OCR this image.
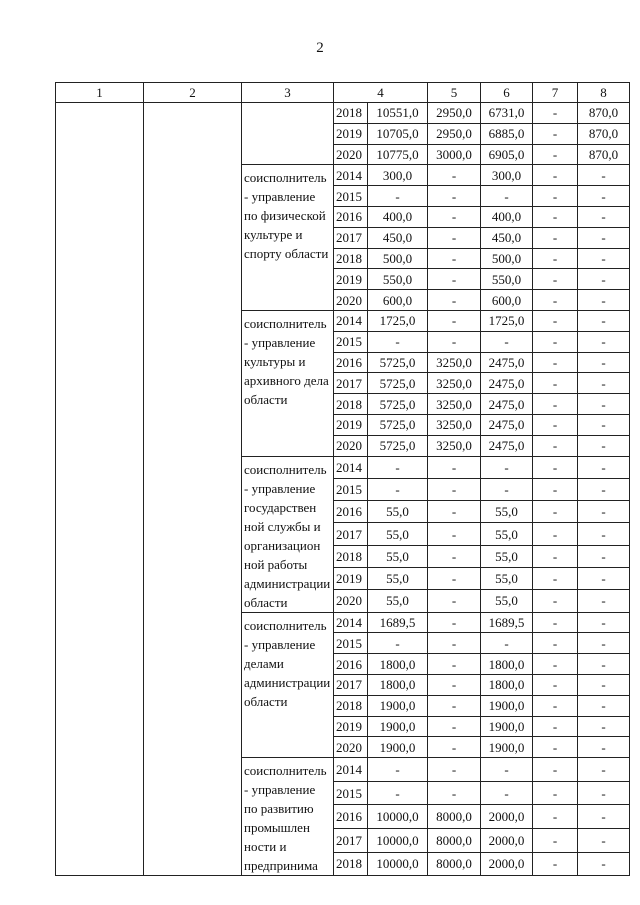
2
1	2	3	4		5	6	7	8
			2018	10551,0	2950,0	6731,0	-	870,0
			2019	10705,0	2950,0	6885,0	-	870,0
			2020	10775,0	3000,0	6905,0	-	870,0
		соисполнитель - управление по физической культуре и спорту области	2014	300,0	-	300,0	-	-
			2015	-	-	-	-	-
			2016	400,0	-	400,0	-	-
			2017	450,0	-	450,0	-	-
			2018	500,0	-	500,0	-	-
			2019	550,0	-	550,0	-	-
			2020	600,0	-	600,0	-	-
		соисполнитель - управление культуры и архивного дела области	2014	1725,0	-	1725,0	-	-
			2015	-	-	-	-	-
			2016	5725,0	3250,0	2475,0	-	-
			2017	5725,0	3250,0	2475,0	-	-
			2018	5725,0	3250,0	2475,0	-	-
			2019	5725,0	3250,0	2475,0	-	-
			2020	5725,0	3250,0	2475,0	-	-
		соисполнитель - управление государствен ной службы и организацион ной работы администрации области	2014	-	-	-	-	-
			2015	-	-	-	-	-
			2016	55,0	-	55,0	-	-
			2017	55,0	-	55,0	-	-
			2018	55,0	-	55,0	-	-
			2019	55,0	-	55,0	-	-
			2020	55,0	-	55,0	-	-
		соисполнитель - управление делами администрации области	2014	1689,5	-	1689,5	-	-
			2015	-	-	-	-	-
			2016	1800,0	-	1800,0	-	-
			2017	1800,0	-	1800,0	-	-
			2018	1900,0	-	1900,0	-	-
			2019	1900,0	-	1900,0	-	-
			2020	1900,0	-	1900,0	-	-
		соисполнитель - управление по развитию промышлен ности и предпринима	2014	-	-	-	-	-
			2015	-	-	-	-	-
			2016	10000,0	8000,0	2000,0	-	-
			2017	10000,0	8000,0	2000,0	-	-
			2018	10000,0	8000,0	2000,0	-	-
